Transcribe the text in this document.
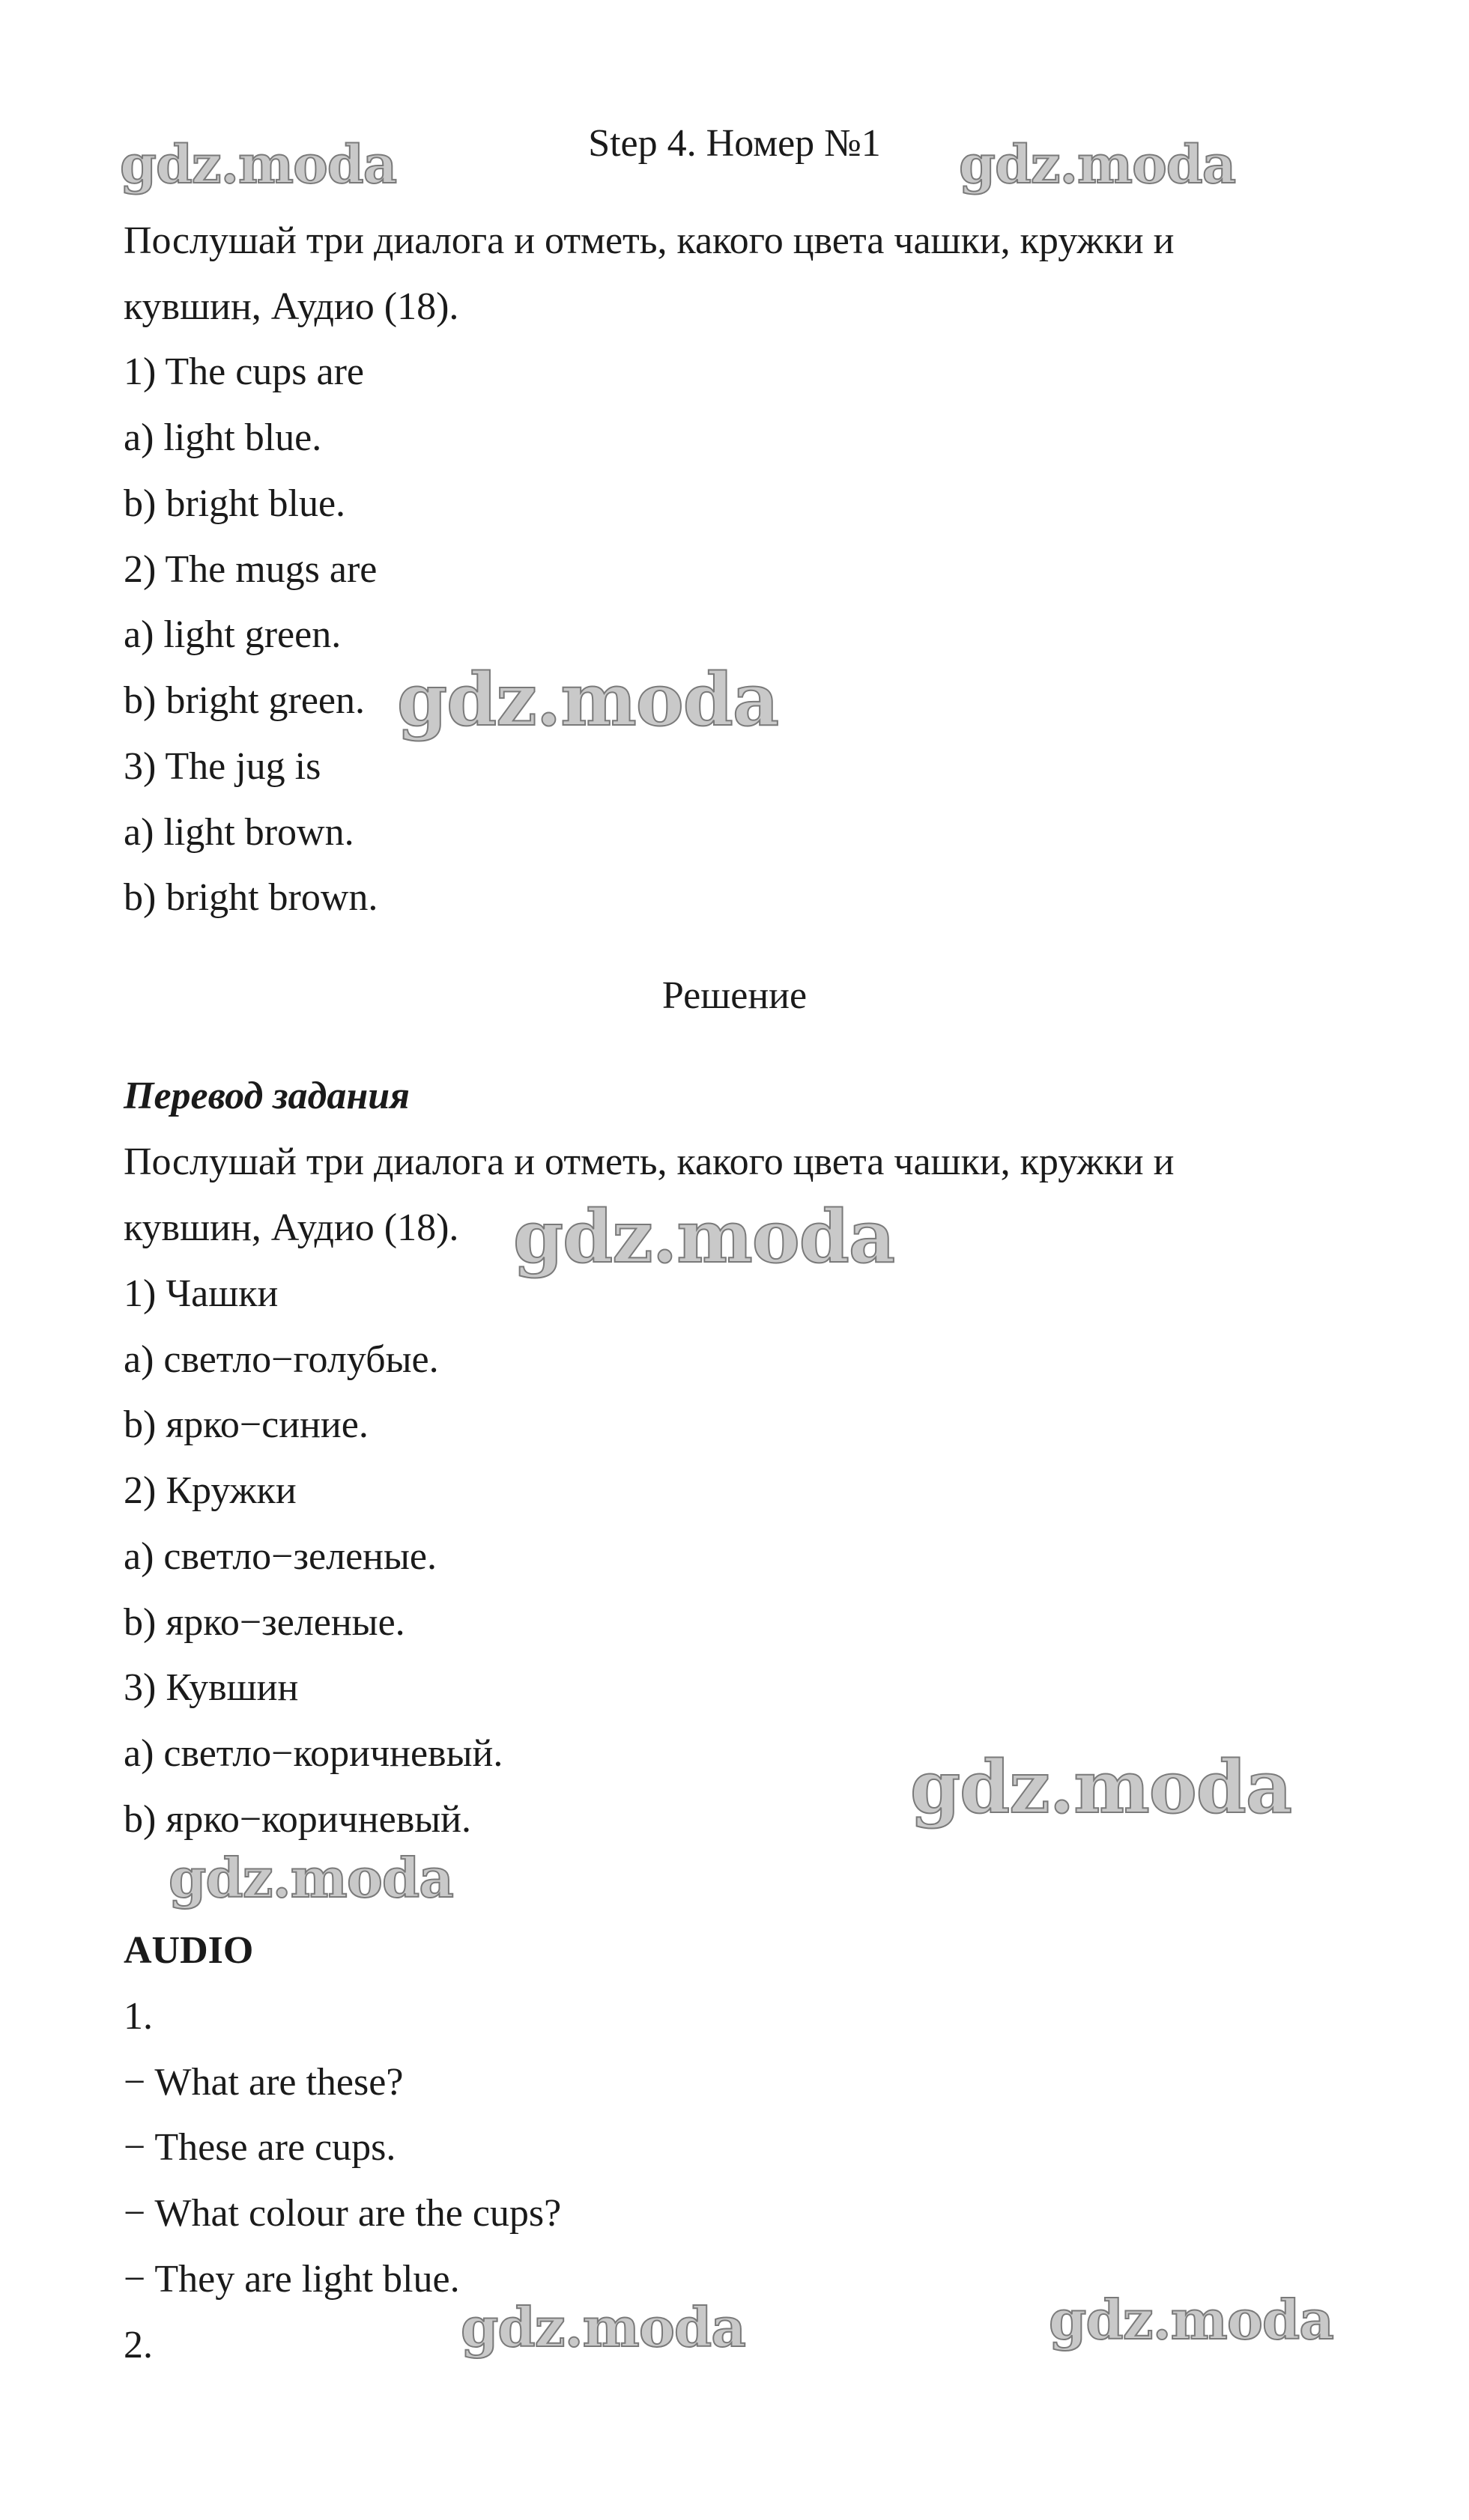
Step 4. Номер №1
Послушай три диалога и отметь, какого цвета чашки, кружки и
кувшин, Аудио (18).
1) The cups are
a) light blue.
b) bright blue.
2) The mugs are
a) light green.
b) bright green.
3) The jug is
a) light brown.
b) bright brown.
Решение
Перевод задания
Послушай три диалога и отметь, какого цвета чашки, кружки и
кувшин, Аудио (18).
1) Чашки
a) светло−голубые.
b) ярко−синие.
2) Кружки
a) светло−зеленые.
b) ярко−зеленые.
3) Кувшин
a) светло−коричневый.
b) ярко−коричневый.
AUDIO
1.
− What are these?
− These are cups.
− What colour are the cups?
− They are light blue.
2.
gdz.moda	gdz.moda
gdz.moda
gdz.moda
gdz.moda
gdz.moda
gdz.moda	gdz.moda
